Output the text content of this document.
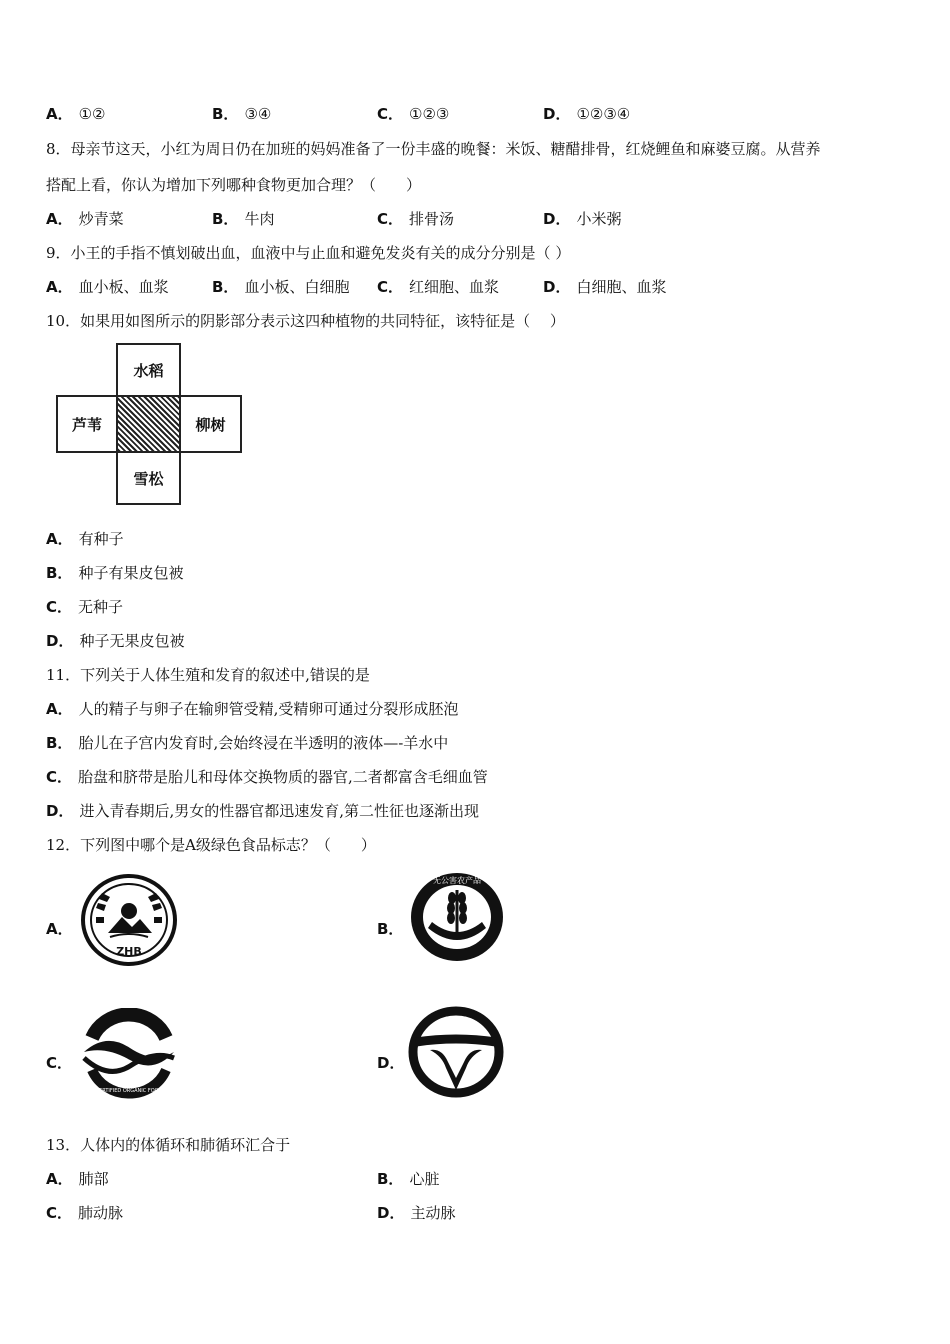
A． ①②	B． ③④	C． ①②③	D． ①②③④
8．母亲节这天，小红为周日仍在加班的妈妈准备了一份丰盛的晚餐：米饭、糖醋排骨，红烧鲤鱼和麻婆豆腐。从营养
搭配上看，你认为增加下列哪种食物更加合理？（　　）
A． 炒青菜	B． 牛肉	C． 排骨汤	D． 小米粥
9．小王的手指不慎划破出血，血液中与止血和避免发炎有关的成分分别是（ ）
A． 血小板、血浆	B． 血小板、白细胞 C． 红细胞、血浆	D． 白细胞、血浆
10．如果用如图所示的阴影部分表示这四种植物的共同特征，该特征是（　 ）
水稻
芦苇	柳树
雪松
A． 有种子
B． 种子有果皮包被
C． 无种子
D． 种子无果皮包被
11．下列关于人体生殖和发育的叙述中,错误的是
A． 人的精子与卵子在输卵管受精,受精卵可通过分裂形成胚泡
B． 胎儿在子宫内发育时,会始终浸在半透明的液体—-羊水中
C． 胎盘和脐带是胎儿和母体交换物质的器官,二者都富含毛细血管
D． 进入青春期后,男女的性器官都迅速发育,第二性征也逐渐出现
12．下列图中哪个是A级绿色食品标志？（　　）
A．
ZHB
B．
无公害农产品
C．
有机食品
CERTIFIED ORGANIC FOOD
D．
13．人体内的体循环和肺循环汇合于
A． 肺部	B． 心脏
C． 肺动脉	D． 主动脉
